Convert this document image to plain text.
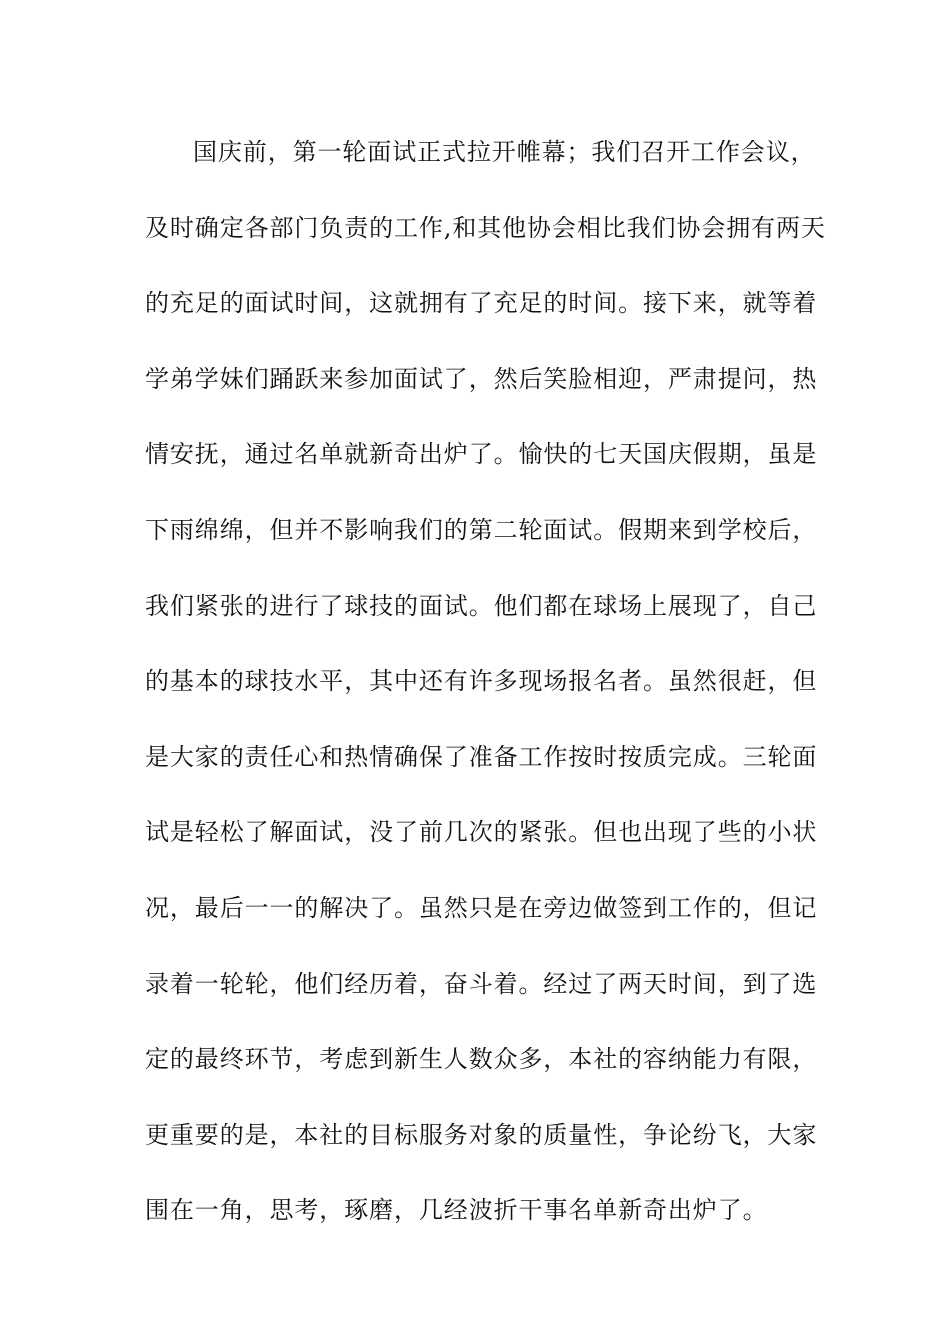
国庆前，第一轮面试正式拉开帷幕；我们召开工作会议，
及时确定各部门负责的工作,和其他协会相比我们协会拥有两天
的充足的面试时间，这就拥有了充足的时间。接下来，就等着
学弟学妹们踊跃来参加面试了，然后笑脸相迎，严肃提问，热
情安抚，通过名单就新奇出炉了。愉快的七天国庆假期，虽是
下雨绵绵，但并不影响我们的第二轮面试。假期来到学校后，
我们紧张的进行了球技的面试。他们都在球场上展现了，自己
的基本的球技水平，其中还有许多现场报名者。虽然很赶，但
是大家的责任心和热情确保了准备工作按时按质完成。三轮面
试是轻松了解面试，没了前几次的紧张。但也出现了些的小状
况，最后一一的解决了。虽然只是在旁边做签到工作的，但记
录着一轮轮，他们经历着，奋斗着。经过了两天时间，到了选
定的最终环节，考虑到新生人数众多，本社的容纳能力有限，
更重要的是，本社的目标服务对象的质量性，争论纷飞，大家
围在一角，思考，琢磨，几经波折干事名单新奇出炉了。
